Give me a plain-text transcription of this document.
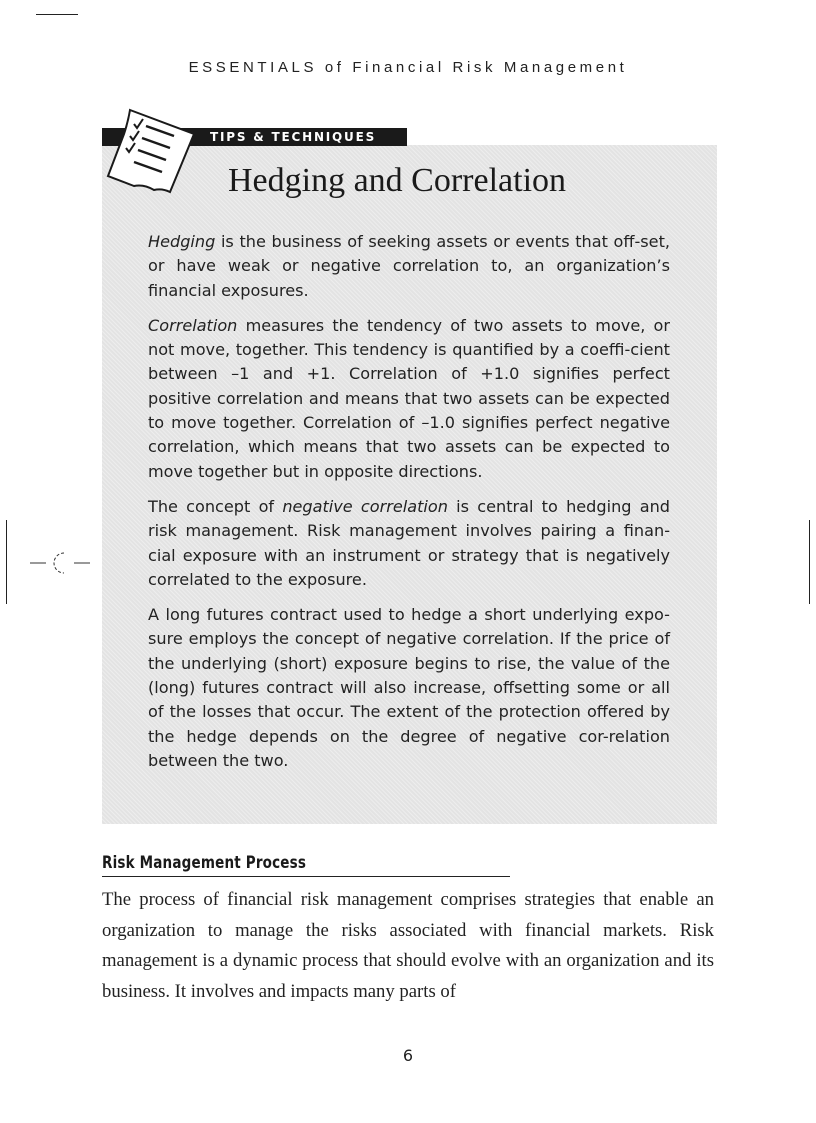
ESSENTIALS of Financial Risk Management
TIPS & TECHNIQUES
Hedging and Correlation

Hedging is the business of seeking assets or events that off-set, or have weak or negative correlation to, an organization’s financial exposures.

Correlation measures the tendency of two assets to move, or not move, together. This tendency is quantified by a coeffi-cient between –1 and +1. Correlation of +1.0 signifies perfect positive correlation and means that two assets can be expected to move together. Correlation of –1.0 signifies perfect negative correlation, which means that two assets can be expected to move together but in opposite directions.

The concept of negative correlation is central to hedging and risk management. Risk management involves pairing a finan-cial exposure with an instrument or strategy that is negatively correlated to the exposure.

A long futures contract used to hedge a short underlying expo-sure employs the concept of negative correlation. If the price of the underlying (short) exposure begins to rise, the value of the (long) futures contract will also increase, offsetting some or all of the losses that occur. The extent of the protection offered by the hedge depends on the degree of negative cor-relation between the two.

Risk Management Process

The process of financial risk management comprises strategies that enable an organization to manage the risks associated with financial markets. Risk management is a dynamic process that should evolve with an organization and its business. It involves and impacts many parts of

6
